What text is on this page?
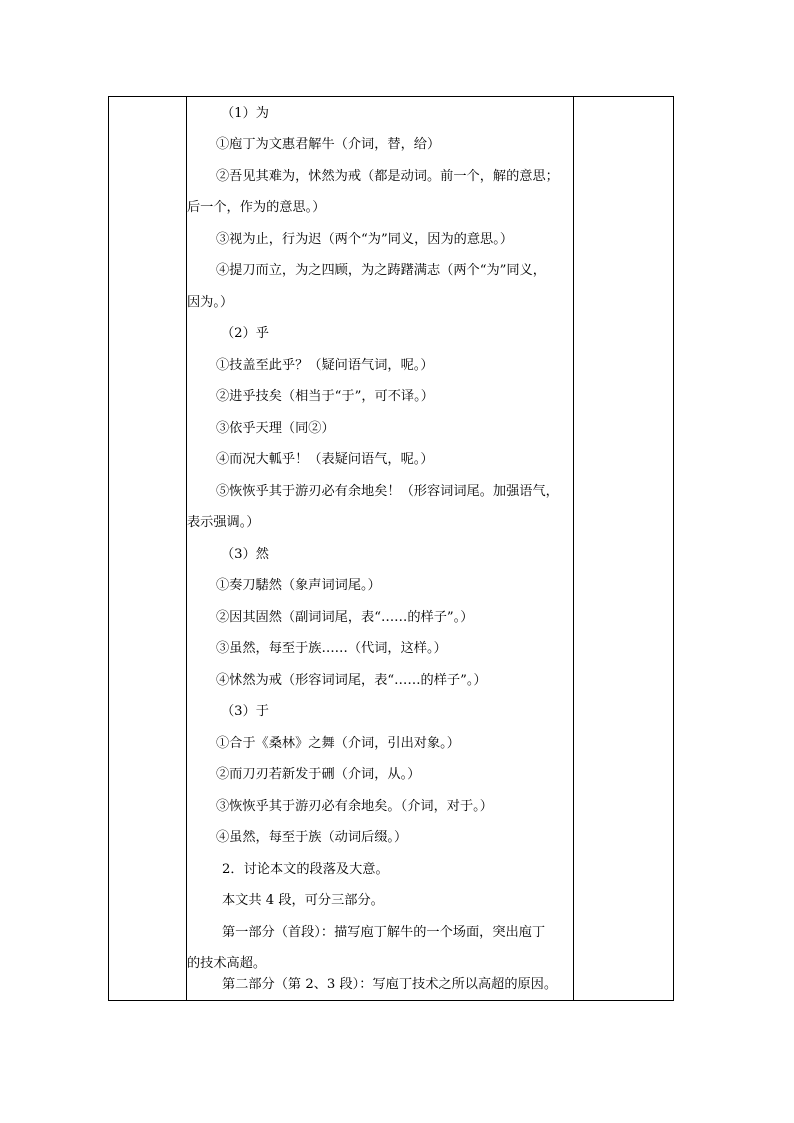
（1）为
①庖丁为文惠君解牛（介词，替，给）
②吾见其难为，怵然为戒（都是动词。前一个，解的意思；
后一个，作为的意思。）
③视为止，行为迟（两个“为”同义，因为的意思。）
④提刀而立，为之四顾，为之踌躇满志（两个“为”同义，
因为。）
（2）乎
①技盖至此乎？（疑问语气词，呢。）
②进乎技矣（相当于“于”，可不译。）
③依乎天理（同②）
④而况大軱乎！（表疑问语气，呢。）
⑤恢恢乎其于游刃必有余地矣！（形容词词尾。加强语气，
表示强调。）
（3）然
①奏刀騞然（象声词词尾。）
②因其固然（副词词尾，表“……的样子”。）
③虽然，每至于族……（代词，这样。）
④怵然为戒（形容词词尾，表“……的样子”。）
（3）于
①合于《桑林》之舞（介词，引出对象。）
②而刀刃若新发于硎（介词，从。）
③恢恢乎其于游刃必有余地矣。（介词，对于。）
④虽然，每至于族（动词后缀。）
2．讨论本文的段落及大意。
本文共 4 段，可分三部分。
第一部分（首段）：描写庖丁解牛的一个场面，突出庖丁
的技术高超。
第二部分（第 2、3 段）：写庖丁技术之所以高超的原因。
